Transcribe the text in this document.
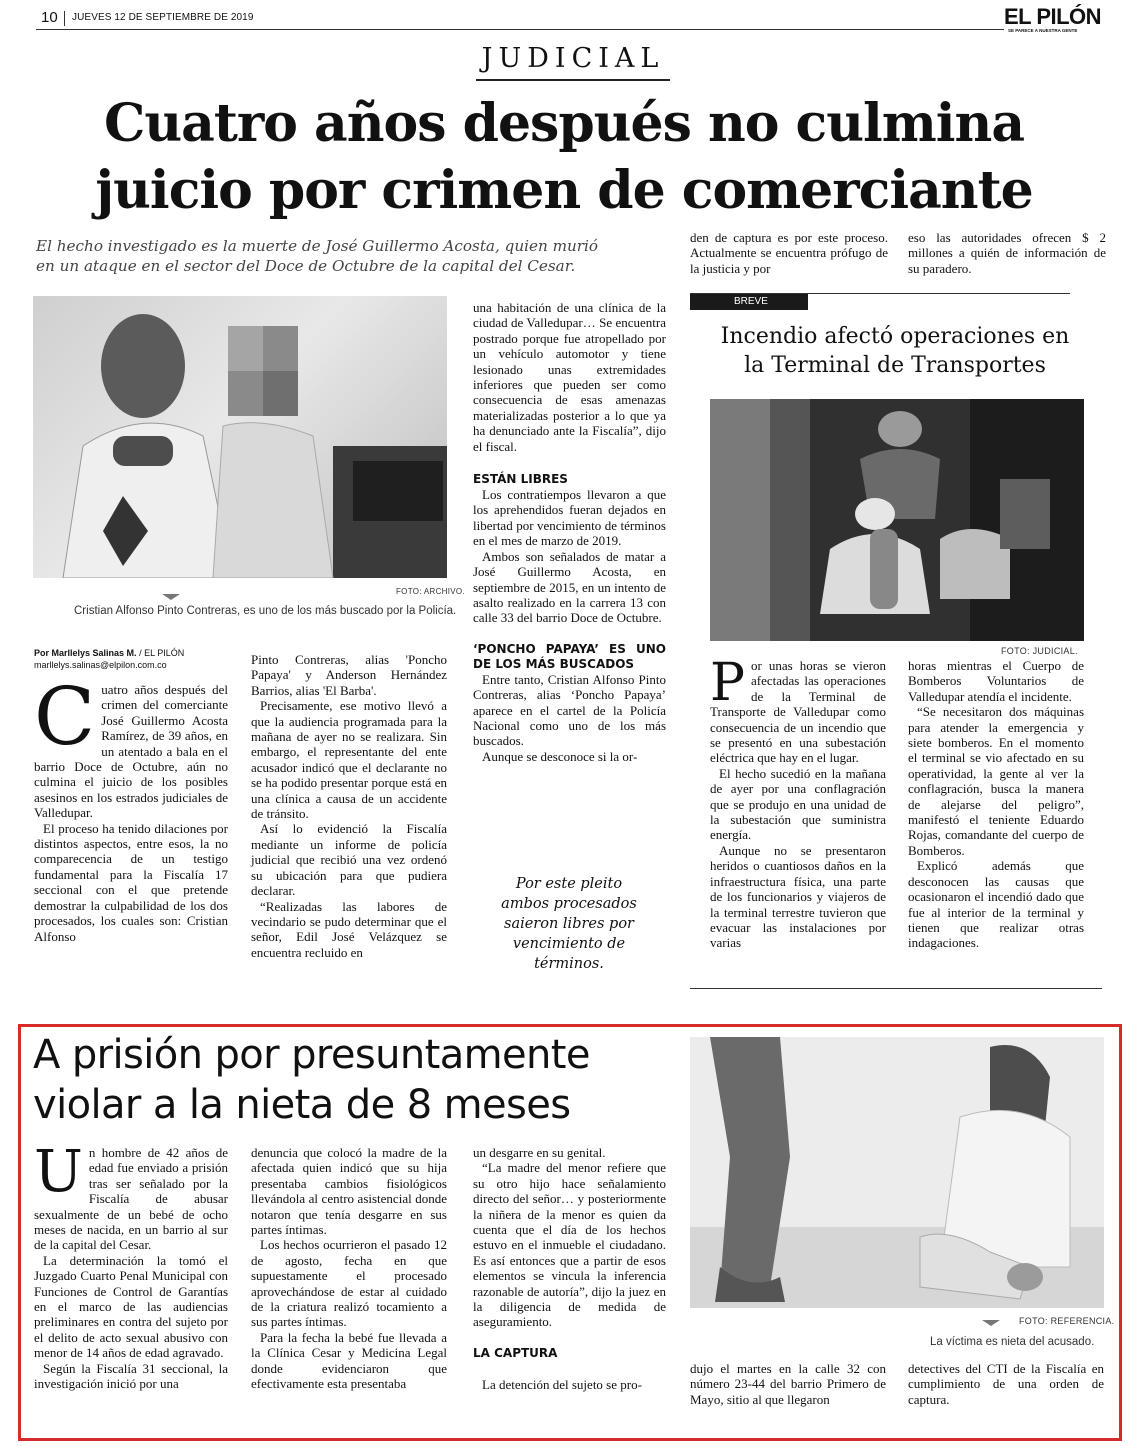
10 JUEVES 12 DE SEPTIEMBRE DE 2019	EL PILÓN
SE PARECE A NUESTRA GENTE
JUDICIAL
Cuatro años después no culmina
juicio por crimen de comerciante
El hecho investigado es la muerte de José Guillermo Acosta, quien murió
en un ataque en el sector del Doce de Octubre de la capital del Cesar.

den de captura es por este proceso. Actualmente se encuentra prófugo de la justicia y por

eso las autoridades ofrecen $ 2 millones a quién de información de su paradero.

FOTO: ARCHIVO.
Cristian Alfonso Pinto Contreras, es uno de los más buscado por la Policía.
Por Marllelys Salinas M. / EL PILÓN
marllelys.salinas@elpilon.com.co

Cuatro años después del crimen del comerciante José Guillermo Acosta Ramírez, de 39 años, en un atentado a bala en el barrio Doce de Octubre, aún no culmina el juicio de los posibles asesinos en los estrados judiciales de Valledupar.

El proceso ha tenido dilaciones por distintos aspectos, entre esos, la no comparecencia de un testigo fundamental para la Fiscalía 17 seccional con el que pretende demostrar la culpabilidad de los dos procesados, los cuales son: Cristian Alfonso

Pinto Contreras, alias 'Poncho Papaya' y Anderson Hernández Barrios, alias 'El Barba'.

Precisamente, ese motivo llevó a que la audiencia programada para la mañana de ayer no se realizara. Sin embargo, el representante del ente acusador indicó que el declarante no se ha podido presentar porque está en una clínica a causa de un accidente de tránsito.

Así lo evidenció la Fiscalía mediante un informe de policía judicial que recibió una vez ordenó su ubicación para que pudiera declarar.

“Realizadas las labores de vecindario se pudo determinar que el señor, Edil José Velázquez se encuentra recluido en

una habitación de una clínica de la ciudad de Valledupar… Se encuentra postrado porque fue atropellado por un vehículo automotor y tiene lesionado unas extremidades inferiores que pueden ser como consecuencia de esas amenazas materializadas posterior a lo que ya ha denunciado ante la Fiscalía”, dijo el fiscal.

ESTÁN LIBRES

Los contratiempos llevaron a que los aprehendidos fueran dejados en libertad por vencimiento de términos en el mes de marzo de 2019.

Ambos son señalados de matar a José Guillermo Acosta, en septiembre de 2015, en un intento de asalto realizado en la carrera 13 con calle 33 del barrio Doce de Octubre.

‘PONCHO PAPAYA’ ES UNO DE LOS MÁS BUSCADOS

Entre tanto, Cristian Alfonso Pinto Contreras, alias ‘Poncho Papaya’ aparece en el cartel de la Policía Nacional como uno de los más buscados.

Aunque se desconoce si la or-

Por este pleito ambos procesados saieron libres por vencimiento de términos.
BREVE
Incendio afectó operaciones en
la Terminal de Transportes
FOTO: JUDICIAL.

Por unas horas se vieron afectadas las operaciones de la Terminal de Transporte de Valledupar como consecuencia de un incendio que se presentó en una subestación eléctrica que hay en el lugar.

El hecho sucedió en la mañana de ayer por una conflagración que se produjo en una unidad de la subestación que suministra energía.

Aunque no se presentaron heridos o cuantiosos daños en la infraestructura física, una parte de los funcionarios y viajeros de la terminal terrestre tuvieron que evacuar las instalaciones por varias

horas mientras el Cuerpo de Bomberos Voluntarios de Valledupar atendía el incidente.

“Se necesitaron dos máquinas para atender la emergencia y siete bomberos. En el momento el terminal se vio afectado en su operatividad, la gente al ver la conflagración, busca la manera de alejarse del peligro”, manifestó el teniente Eduardo Rojas, comandante del cuerpo de Bomberos.

Explicó además que desconocen las causas que ocasionaron el incendió dado que fue al interior de la terminal y tienen que realizar otras indagaciones.

A prisión por presuntamente
violar a la nieta de 8 meses

Un hombre de 42 años de edad fue enviado a prisión tras ser señalado por la Fiscalía de abusar sexualmente de un bebé de ocho meses de nacida, en un barrio al sur de la capital del Cesar.

La determinación la tomó el Juzgado Cuarto Penal Municipal con Funciones de Control de Garantías en el marco de las audiencias preliminares en contra del sujeto por el delito de acto sexual abusivo con menor de 14 años de edad agravado.

Según la Fiscalía 31 seccional, la investigación inició por una

denuncia que colocó la madre de la afectada quien indicó que su hija presentaba cambios fisiológicos llevándola al centro asistencial donde notaron que tenía desgarre en sus partes íntimas.

Los hechos ocurrieron el pasado 12 de agosto, fecha en que supuestamente el procesado aprovechándose de estar al cuidado de la criatura realizó tocamiento a sus partes íntimas.

Para la fecha la bebé fue llevada a la Clínica Cesar y Medicina Legal donde evidenciaron que efectivamente esta presentaba

un desgarre en su genital.

“La madre del menor refiere que su otro hijo hace señalamiento directo del señor… y posteriormente la niñera de la menor es quien da cuenta que el día de los hechos estuvo en el inmueble el ciudadano. Es así entonces que a partir de esos elementos se vincula la inferencia razonable de autoría”, dijo la juez en la diligencia de medida de aseguramiento.

LA CAPTURA

La detención del sujeto se pro-

FOTO: REFERENCIA.
La víctima es nieta del acusado.

dujo el martes en la calle 32 con número 23-44 del barrio Primero de Mayo, sitio al que llegaron

detectives del CTI de la Fiscalía en cumplimiento de una orden de captura.
